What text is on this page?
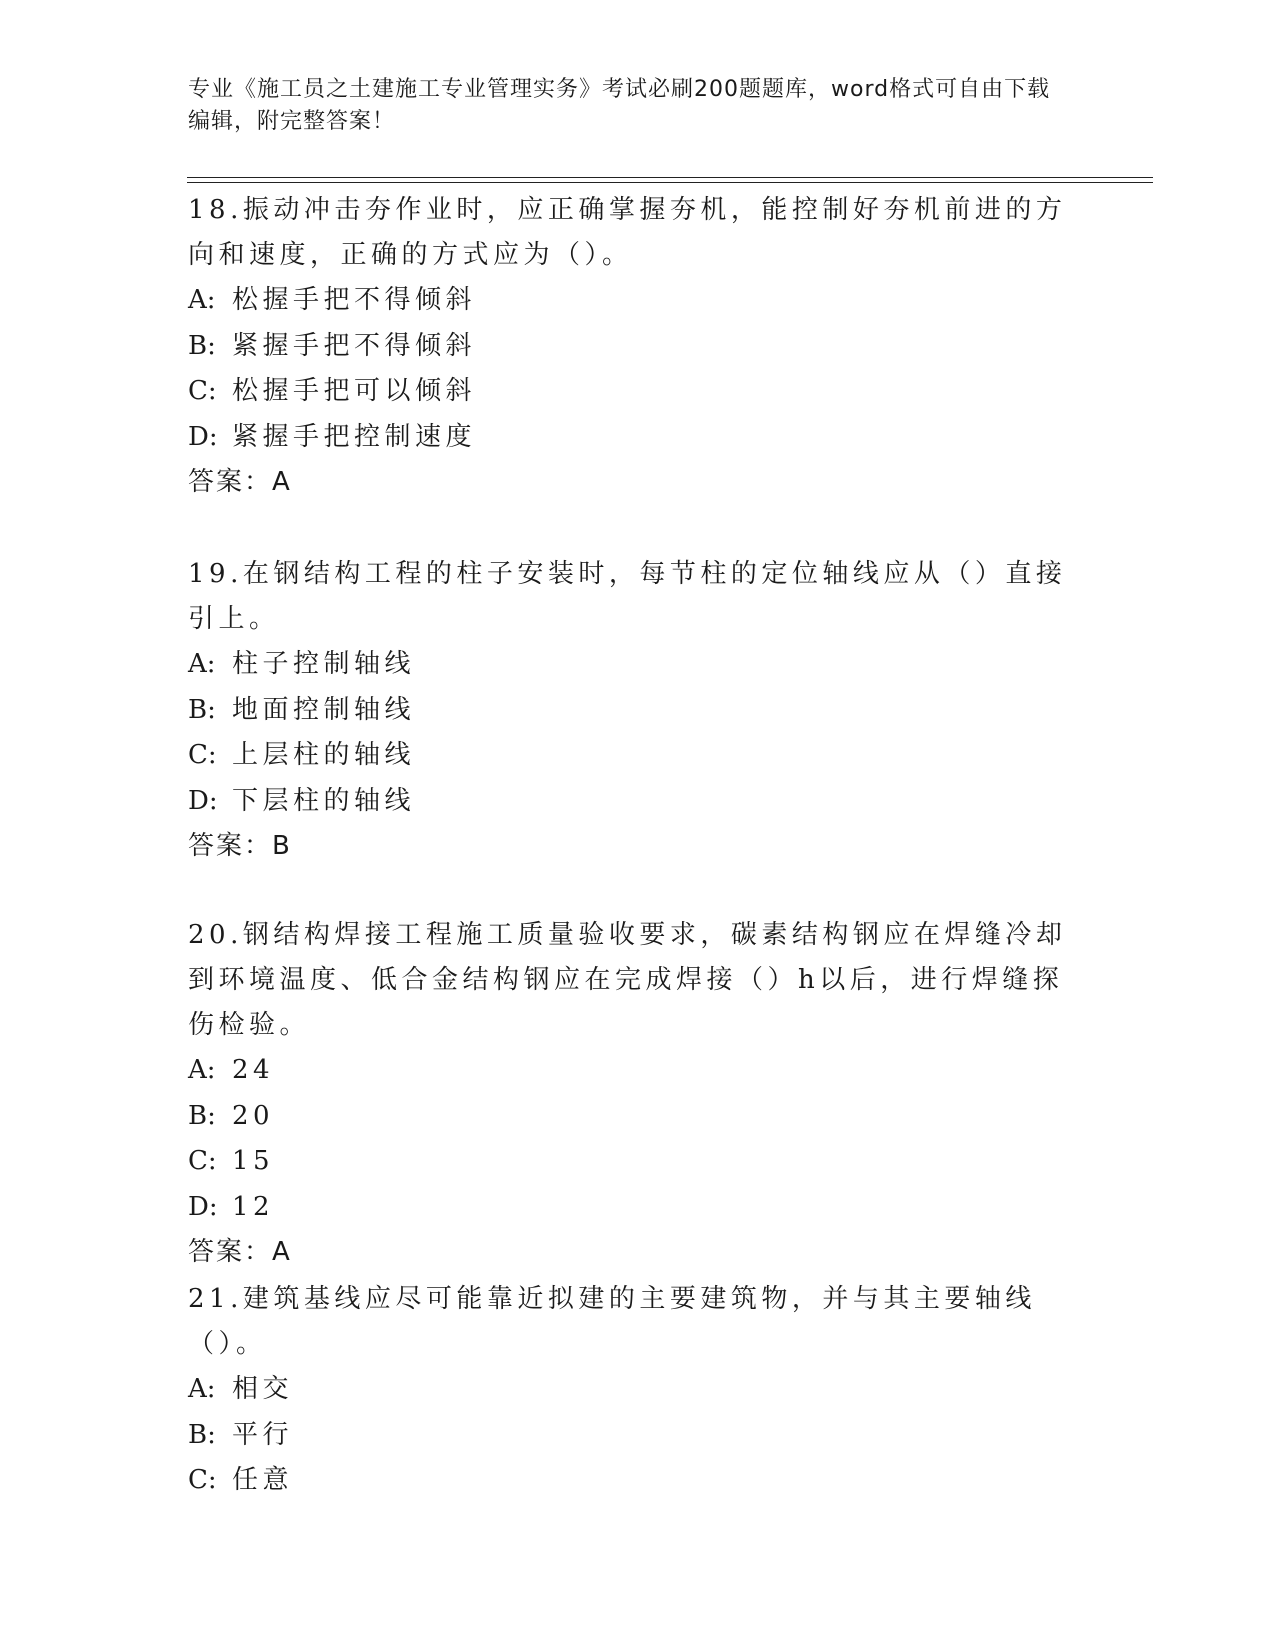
专业《施工员之土建施工专业管理实务》考试必刷200题题库，word格式可自由下载编辑，附完整答案！

18.振动冲击夯作业时，应正确掌握夯机，能控制好夯机前进的方向和速度，正确的方式应为（）。

A: 松握手把不得倾斜
B: 紧握手把不得倾斜
C: 松握手把可以倾斜
D: 紧握手把控制速度
答案：A

19.在钢结构工程的柱子安装时，每节柱的定位轴线应从（）直接引上。

A: 柱子控制轴线
B: 地面控制轴线
C: 上层柱的轴线
D: 下层柱的轴线
答案：B

20.钢结构焊接工程施工质量验收要求，碳素结构钢应在焊缝冷却到环境温度、低合金结构钢应在完成焊接（）h以后，进行焊缝探伤检验。

A: 24
B: 20
C: 15
D: 12
答案：A

21.建筑基线应尽可能靠近拟建的主要建筑物，并与其主要轴线（）。

A: 相交
B: 平行
C: 任意
